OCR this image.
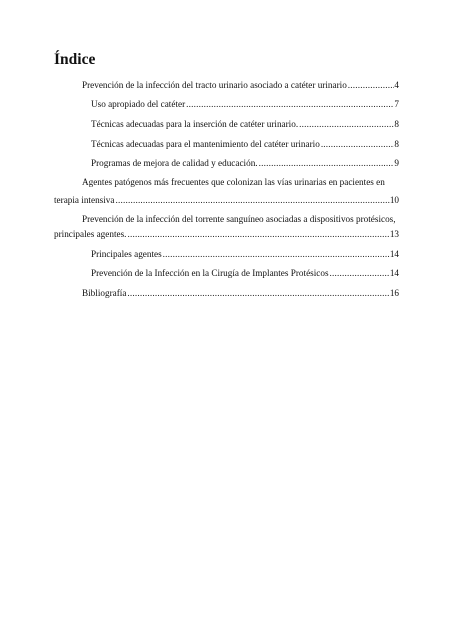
Índice
Prevención de la infección del tracto urinario asociado a catéter urinario .....	4
Uso apropiado del catéter .....	7
Técnicas adecuadas para la inserción de catéter urinario. .....	8
Técnicas adecuadas para el mantenimiento del catéter urinario .....	8
Programas de mejora de calidad y educación. .....	9
Agentes patógenos más frecuentes que colonizan las vías urinarias en pacientes en
terapia intensiva .....	10
Prevención de la infección del torrente sanguíneo asociadas a dispositivos protésicos,
principales agentes. .....	13
Principales agentes .....	14
Prevención de la Infección en la Cirugía de Implantes Protésicos .....	14
Bibliografía .....	16
